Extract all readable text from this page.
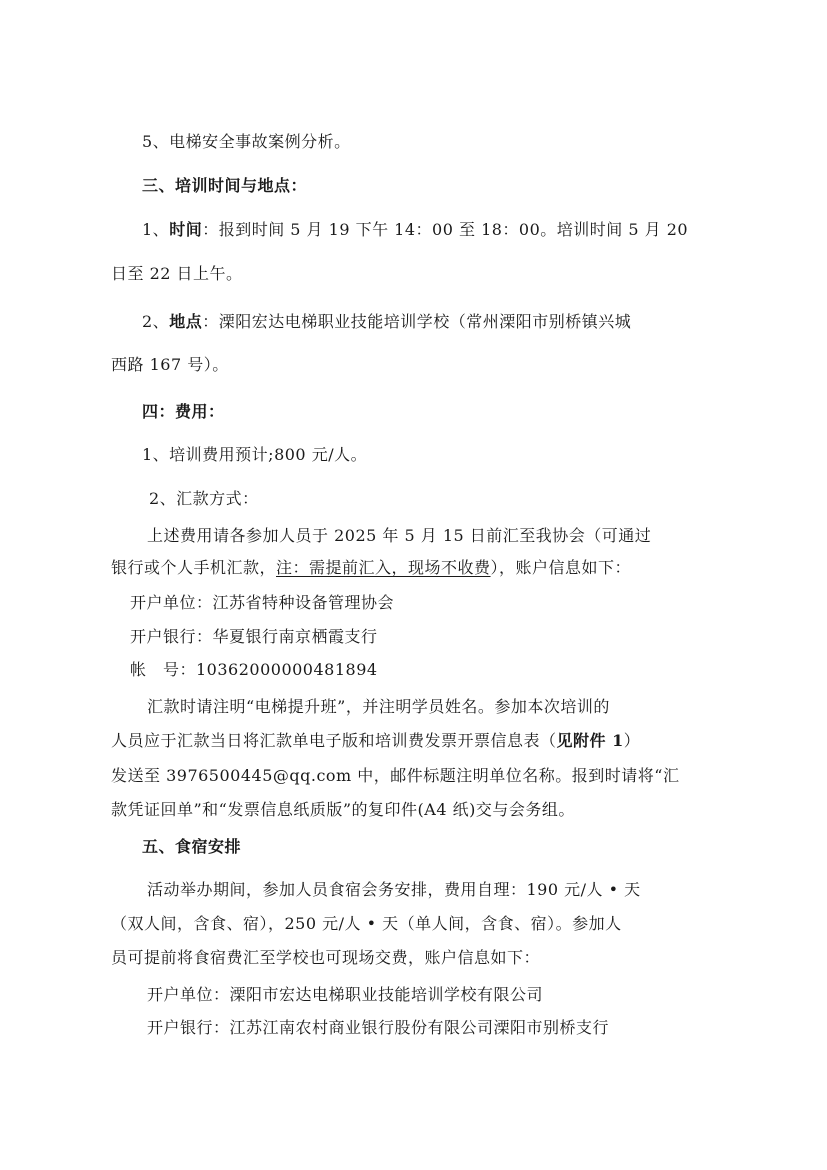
5、电梯安全事故案例分析。
三、培训时间与地点：
1、时间：报到时间 5 月 19 下午 14：00 至 18：00。培训时间 5 月 20
日至 22 日上午。
2、地点：溧阳宏达电梯职业技能培训学校（常州溧阳市别桥镇兴城
西路 167 号）。
四：费用：
1、培训费用预计;800 元/人。
2、汇款方式：
上述费用请各参加人员于 2025 年 5 月 15 日前汇至我协会（可通过
银行或个人手机汇款，注：需提前汇入，现场不收费），账户信息如下：
开户单位：江苏省特种设备管理协会
开户银行：华夏银行南京栖霞支行
帐　号：10362000000481894
汇款时请注明“电梯提升班”，并注明学员姓名。参加本次培训的
人员应于汇款当日将汇款单电子版和培训费发票开票信息表（见附件 1）
发送至 3976500445@qq.com 中，邮件标题注明单位名称。报到时请将“汇
款凭证回单”和“发票信息纸质版”的复印件(A4 纸)交与会务组。
五、食宿安排
活动举办期间，参加人员食宿会务安排，费用自理：190 元/人 • 天
（双人间，含食、宿），250 元/人 • 天（单人间，含食、宿）。参加人
员可提前将食宿费汇至学校也可现场交费，账户信息如下：
开户单位：溧阳市宏达电梯职业技能培训学校有限公司
开户银行：江苏江南农村商业银行股份有限公司溧阳市别桥支行
